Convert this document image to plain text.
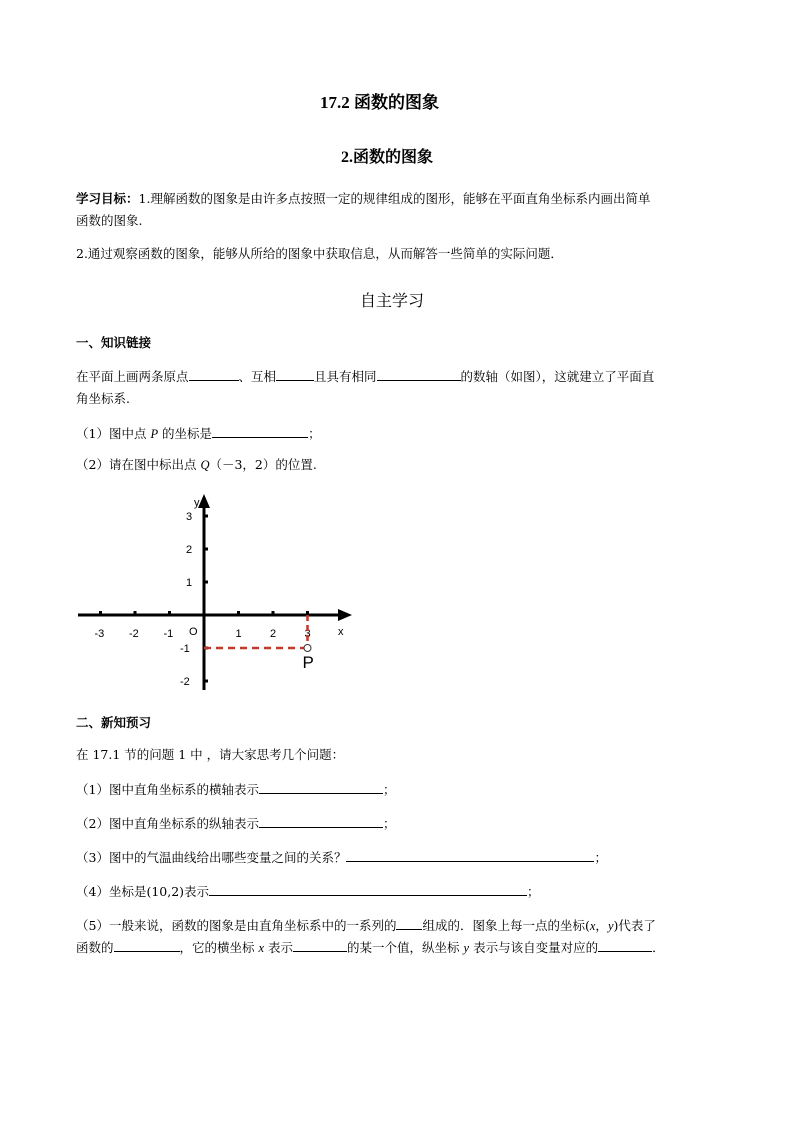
17.2 函数的图象
2.函数的图象
学习目标：1.理解函数的图象是由许多点按照一定的规律组成的图形，能够在平面直角坐标系内画出简单
函数的图象.
2.通过观察函数的图象，能够从所给的图象中获取信息，从而解答一些简单的实际问题．
自主学习
一、知识链接
在平面上画两条原点	、互相	且具有相同	的数轴（如图），这就建立了平面直
角坐标系.
（1）图中点 P 的坐标是	；
（2）请在图中标出点 Q（－3，2）的位置.
x
y
O
-3 -2 -1	1	2	3
3
2
1
-1
-2
P
二、新知预习
在 17.1 节的问题 1 中 ，请大家思考几个问题：
（1）图中直角坐标系的横轴表示	；
（2）图中直角坐标系的纵轴表示	；
（3）图中的气温曲线给出哪些变量之间的关系？	；
（4）坐标是(10,2)表示	；
（5）一般来说，函数的图象是由直角坐标系中的一系列的 组成的．图象上每一点的坐标(x，y)代表了
函数的	，它的横坐标 x 表示	的某一个值，纵坐标 y 表示与该自变量对应的	．
